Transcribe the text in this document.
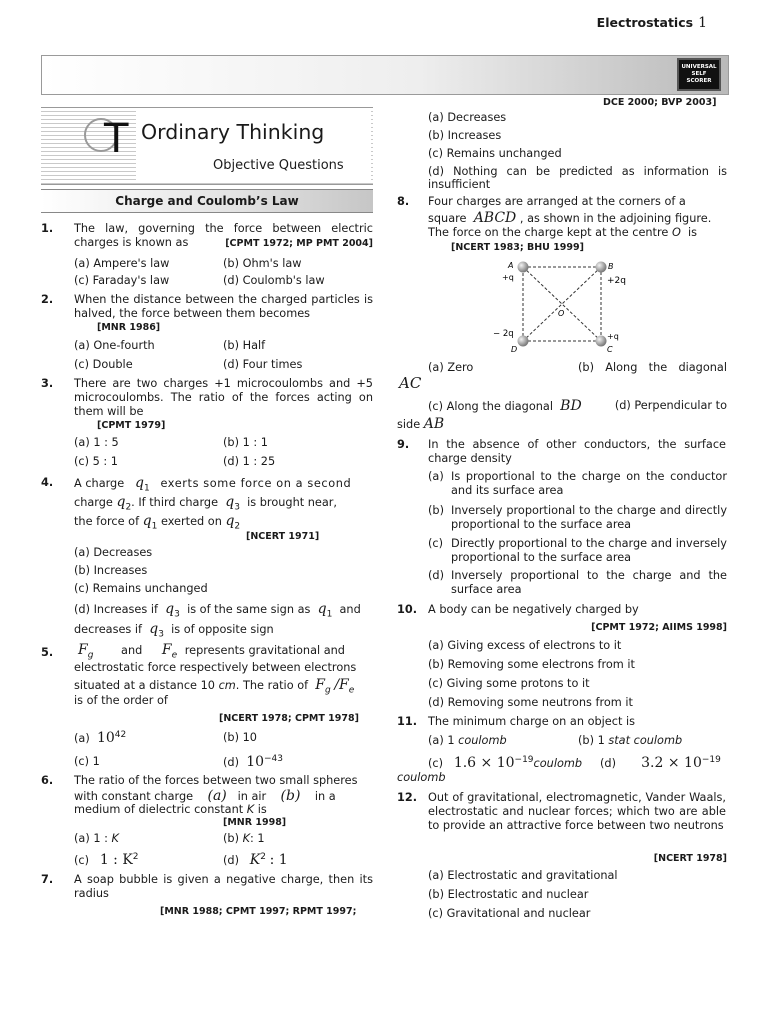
Electrostatics 1
UNIVERSAL
SELF SCORER
T Ordinary Thinking
Objective Questions
Charge and Coulomb’s Law
1. The law, governing the force between electric charges is known as	[CPMT 1972; MP PMT 2004]
(a) Ampere's law	(b) Ohm's law
(c) Faraday's law	(d) Coulomb's law
2. When the distance between the charged particles is halved, the force between them becomes
[MNR 1986]
(a) One-fourth	(b) Half
(c) Double	(d) Four times
3. There are two charges +1 microcoulombs and +5 microcoulombs. The ratio of the forces acting on them will be
[CPMT 1979]
(a) 1 : 5	(b) 1 : 1
(c) 5 : 1	(d) 1 : 25
4. A charge $q_1$ exerts some force on a second
charge $q_2$. If third charge $q_3$ is brought near,
the force of $q_1$ exerted on $q_2$
[NCERT 1971]
(a) Decreases
(b) Increases
(c) Remains unchanged
(d) Increases if $q_3$ is of the same sign as $q_1$ and
decreases if $q_3$ is of opposite sign
5. $F_g$ and $F_e$ represents gravitational and
electrostatic force respectively between electrons
situated at a distance 10 cm. The ratio of $F_g$ $/F_e$
is of the order of
[NCERT 1978; CPMT 1978]
(a) $10^{42}$	(b) 10
(c) 1	(d) $10^{-43}$
6. The ratio of the forces between two small spheres
with constant charge (a) in air (b) in a
medium of dielectric constant K is
[MNR 1998]
(a) 1 : K	(b) K: 1
(c) 1 : $K^2$	(d) $K^2$ : 1
7. A soap bubble is given a negative charge, then its radius
[MNR 1988; CPMT 1997; RPMT 1997;
DCE 2000; BVP 2003]
(a) Decreases
(b) Increases
(c) Remains unchanged
(d) Nothing can be predicted as information is insufficient
8. Four charges are arranged at the corners of a
square ABCD , as shown in the adjoining figure.
The force on the charge kept at the centre O is
[NCERT 1983; BHU 1999]
A
+q
B
+2q
+q
C
− 2q
D
O
(a) Zero	(b) Along the diagonal
AC
(c) Along the diagonal BD	(d) Perpendicular to
side AB
9. In the absence of other conductors, the surface charge density
(a) Is proportional to the charge on the conductor and its surface area
(b) Inversely proportional to the charge and directly proportional to the surface area
(c) Directly proportional to the charge and inversely proportional to the surface area
(d) Inversely proportional to the charge and the surface area
10. A body can be negatively charged by
[CPMT 1972; AIIMS 1998]
(a) Giving excess of electrons to it
(b) Removing some electrons from it
(c) Giving some protons to it
(d) Removing some neutrons from it
11. The minimum charge on an object is
(a) 1 coulomb	(b) 1 stat coulomb
(c) $1.6 \times 10^{-19}coulomb$ (d) $3.2 \times 10^{-19}$
coulomb
12. Out of gravitational, electromagnetic, Vander Waals, electrostatic and nuclear forces; which two are able to provide an attractive force between two neutrons
[NCERT 1978]
(a) Electrostatic and gravitational
(b) Electrostatic and nuclear
(c) Gravitational and nuclear
